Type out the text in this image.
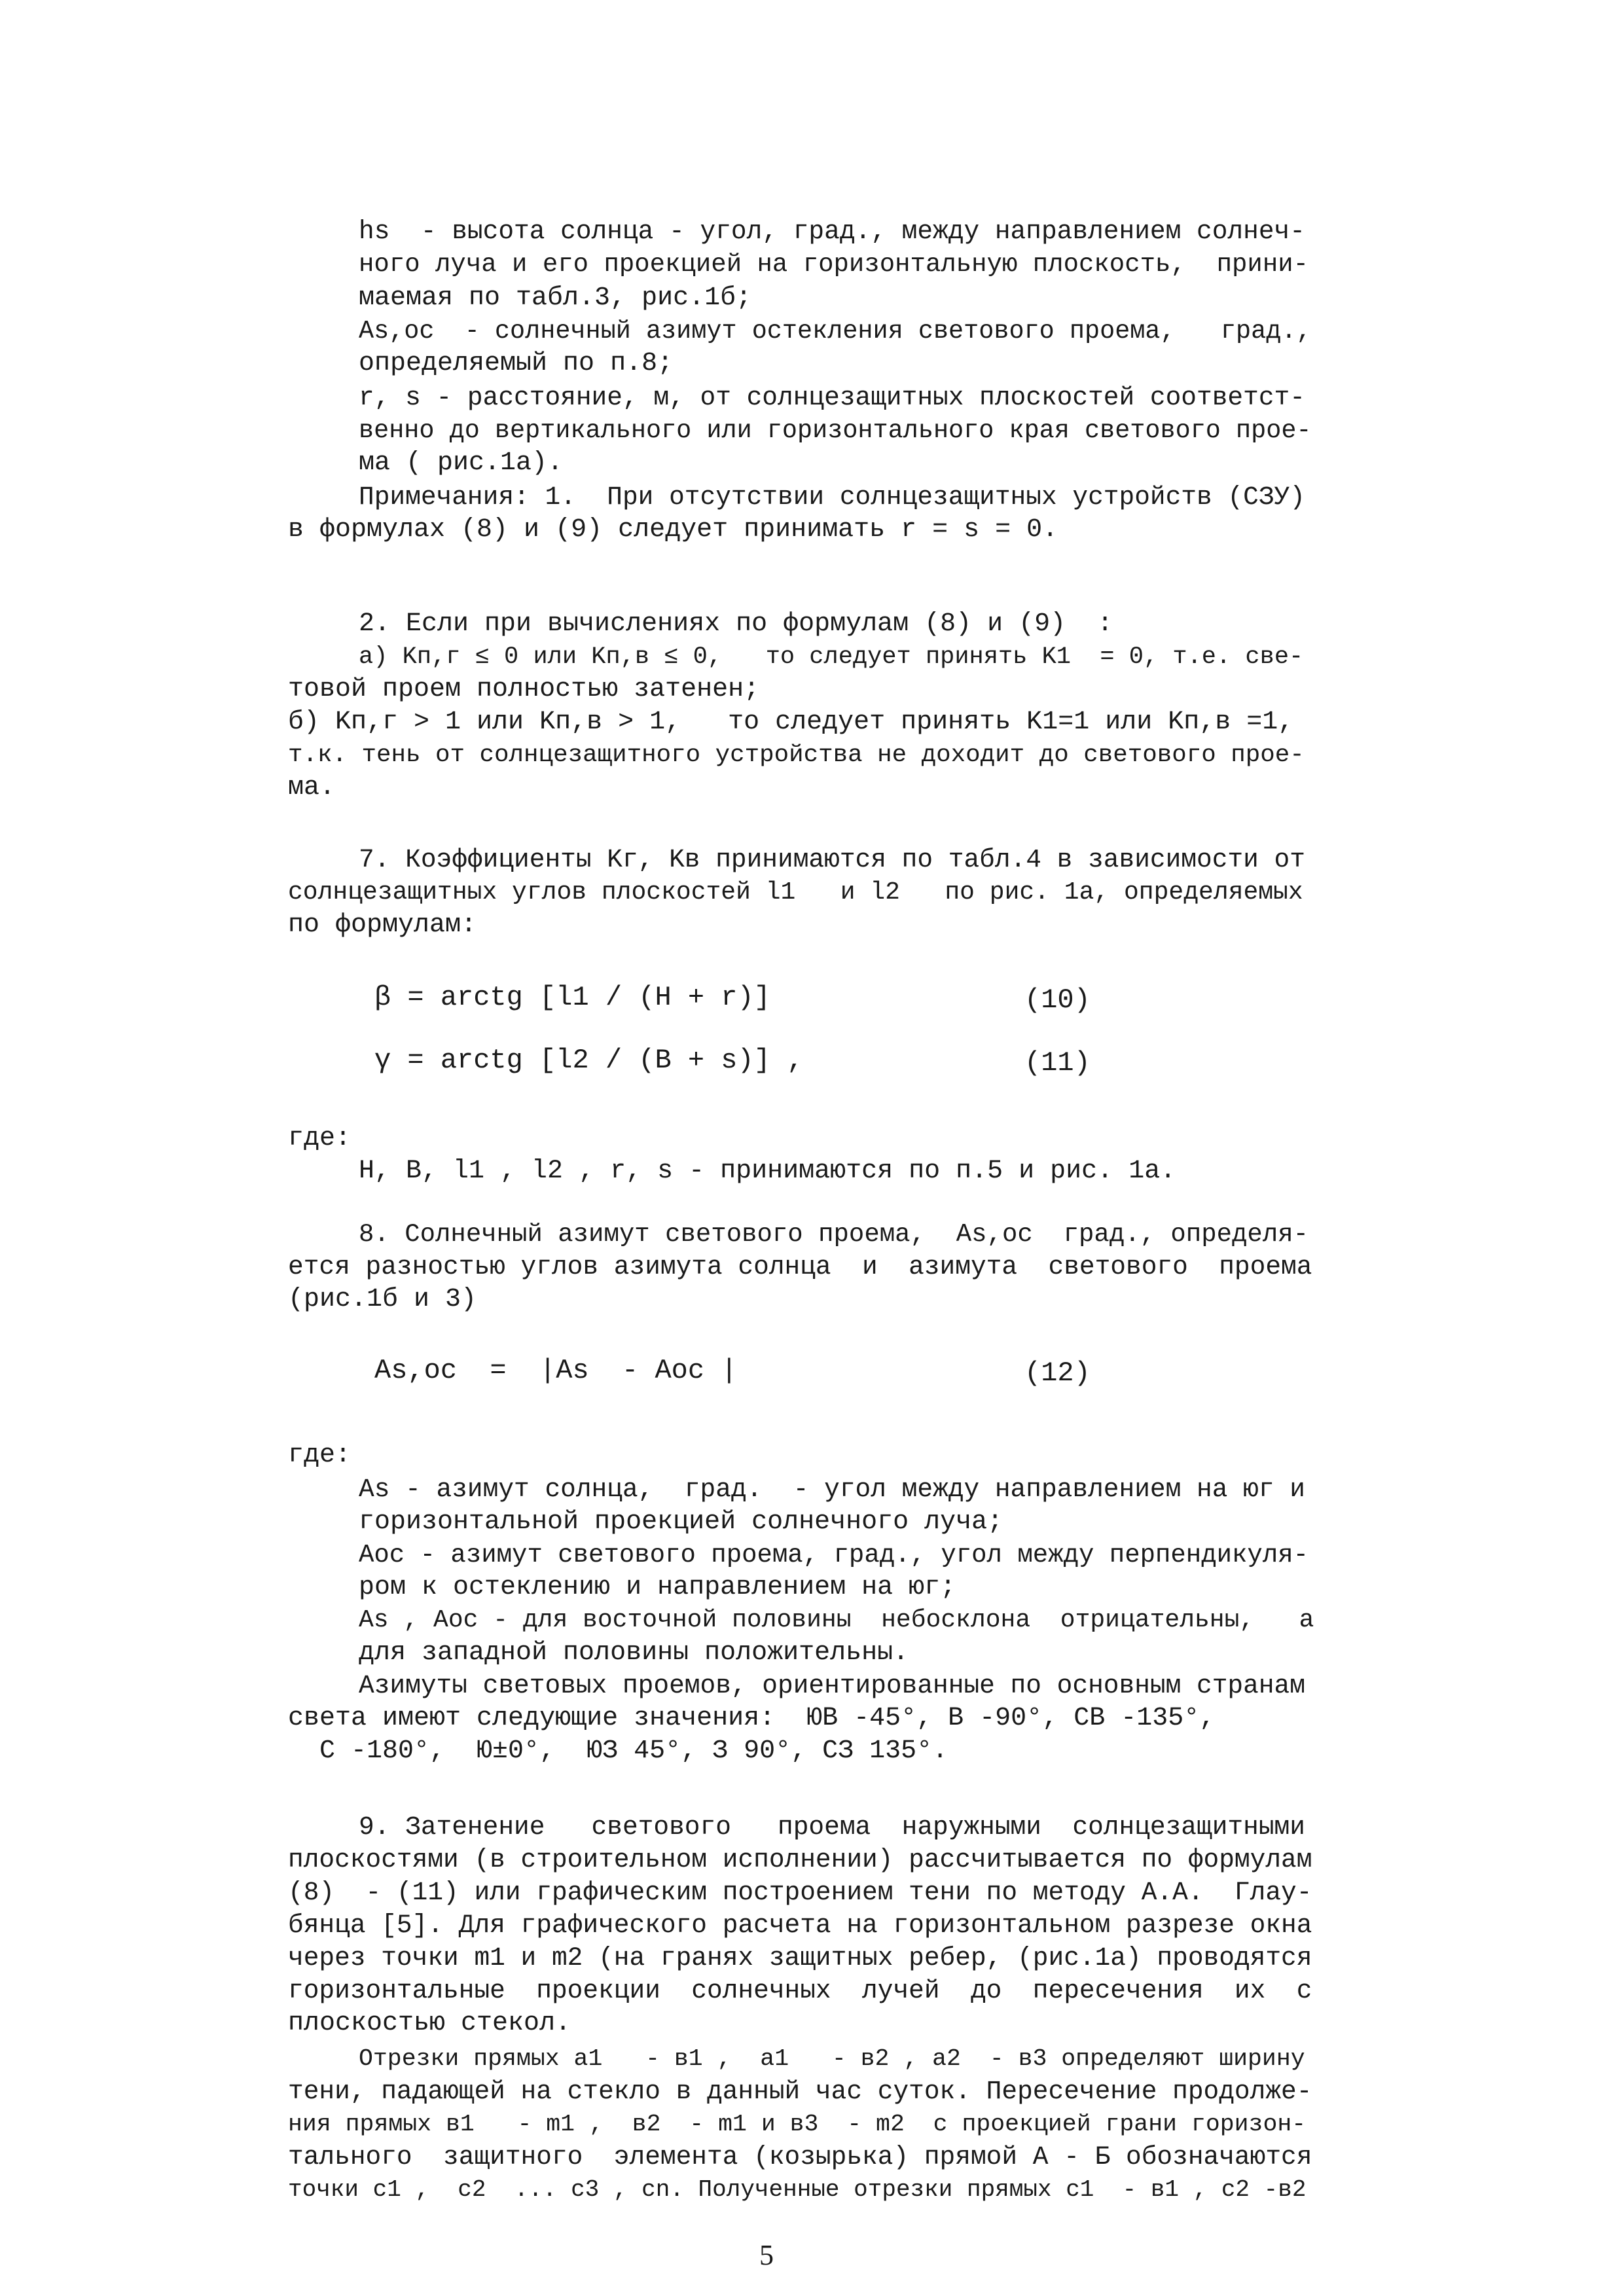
hs  - высота солнца - угол, град., между направлением солнеч-
ного луча и его проекцией на горизонтальную плоскость,  прини-
маемая по табл.3, рис.1б;
As,oc  - солнечный азимут остекления светового проема,   град.,
определяемый по п.8;
r, s - расстояние, м, от солнцезащитных плоскостей соответст-
венно до вертикального или горизонтального края светового прое-
ма ( рис.1а).
Примечания: 1.  При отсутствии солнцезащитных устройств (СЗУ)
в формулах (8) и (9) следует принимать r = s = 0.
2. Если при вычислениях по формулам (8) и (9)  :
а) Kп,г ≤ 0 или Kп,в ≤ 0,   то следует принять K1  = 0, т.е. све-
товой проем полностью затенен;
б) Kп,г > 1 или Kп,в > 1,   то следует принять K1=1 или Kп,в =1,
т.к. тень от солнцезащитного устройства не доходит до светового прое-
ма.
7. Коэффициенты Kг, Kв принимаются по табл.4 в зависимости от
солнцезащитных углов плоскостей l1   и l2   по рис. 1а, определяемых
по формулам:
β = arctg [l1 / (H + r)]	(10)
γ = arctg [l2 / (B + s)] ,	(11)
где:
H, B, l1 , l2 , r, s - принимаются по п.5 и рис. 1а.
8. Солнечный азимут светового проема,  As,oc  град., определя-
ется разностью углов азимута солнца  и  азимута  светового  проема
(рис.1б и 3)
As,oc  =  |As  - Aoc |	(12)
где:
As - азимут солнца,  град.  - угол между направлением на юг и
горизонтальной проекцией солнечного луча;
Aoc - азимут светового проема, град., угол между перпендикуля-
ром к остеклению и направлением на юг;
As , Aoc - для восточной половины  небосклона  отрицательны,   а
для западной половины положительны.
Азимуты световых проемов, ориентированные по основным странам
света имеют следующие значения:  ЮВ -45°, В -90°, СВ -135°,
С -180°,  Ю±0°,  ЮЗ 45°, З 90°, СЗ 135°.
9. Затенение   светового   проема  наружными  солнцезащитными
плоскостями (в строительном исполнении) рассчитывается по формулам
(8)  - (11) или графическим построением тени по методу А.А.  Глау-
бянца [5]. Для графического расчета на горизонтальном разрезе окна
через точки m1 и m2 (на гранях защитных ребер, (рис.1а) проводятся
горизонтальные  проекции  солнечных  лучей  до  пересечения  их  с
плоскостью стекол.
Отрезки прямых a1   - в1 ,  a1   - в2 , a2  - в3 определяют ширину
тени, падающей на стекло в данный час суток. Пересечение продолже-
ния прямых в1   - m1 ,  в2  - m1 и в3  - m2  с проекцией грани горизон-
тального  защитного  элемента (козырька) прямой А - Б обозначаются
точки c1 ,  c2  ... c3 , cn. Полученные отрезки прямых c1  - в1 , c2 -в2
5
